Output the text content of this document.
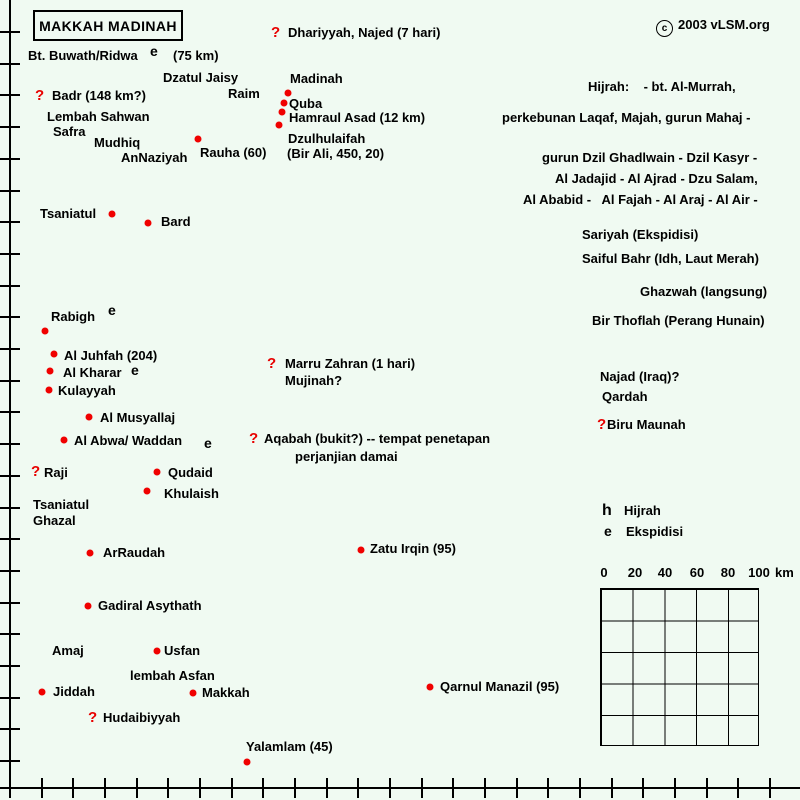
MAKKAH MADINAH	c 2003 vLSM.org
h Hijrah
e Ekspidisi
km
Bt. Buwath/Ridwa	(75 km)
Dhariyyah, Najed (7 hari)
Dzatul Jaisy
Raim
Madinah
Quba
Hamraul Asad (12 km)
Dzulhulaifah
(Bir Ali, 450, 20)
Badr (148 km?)
Lembah Sahwan
Safra
Mudhiq
AnNaziyah Rauha (60)
Tsaniatul
Bard
Rabigh
Al Juhfah (204)
Al Kharar
Kulayyah
Al Musyallaj
Al Abwa/ Waddan
Raji	Qudaid
Khulaish
Tsaniatul
Ghazal
ArRaudah	Zatu Irqin (95)
Marru Zahran (1 hari)
Mujinah?
Aqabah (bukit?) -- tempat penetapan
perjanjian damai
Najad (Iraq)?
Qardah
Biru Maunah
Gadiral Asythath
Amaj	Usfan
lembah Asfan
Jiddah	Makkah
Hudaibiyyah
Yalamlam (45)
Qarnul Manazil (95)
?
?
?
?
?
?
?
e
e
e
e
Hijrah:    - bt. Al-Murrah,
perkebunan Laqaf, Majah, gurun Mahaj -
gurun Dzil Ghadlwain - Dzil Kasyr -
Al Jadajid - Al Ajrad - Dzu Salam,
Al Ababid -   Al Fajah - Al Araj - Al Air -
Sariyah (Ekspidisi)
Saiful Bahr (Idh, Laut Merah)
Ghazwah (langsung)
Bir Thoflah (Perang Hunain)
0 20 40 60 80 100
